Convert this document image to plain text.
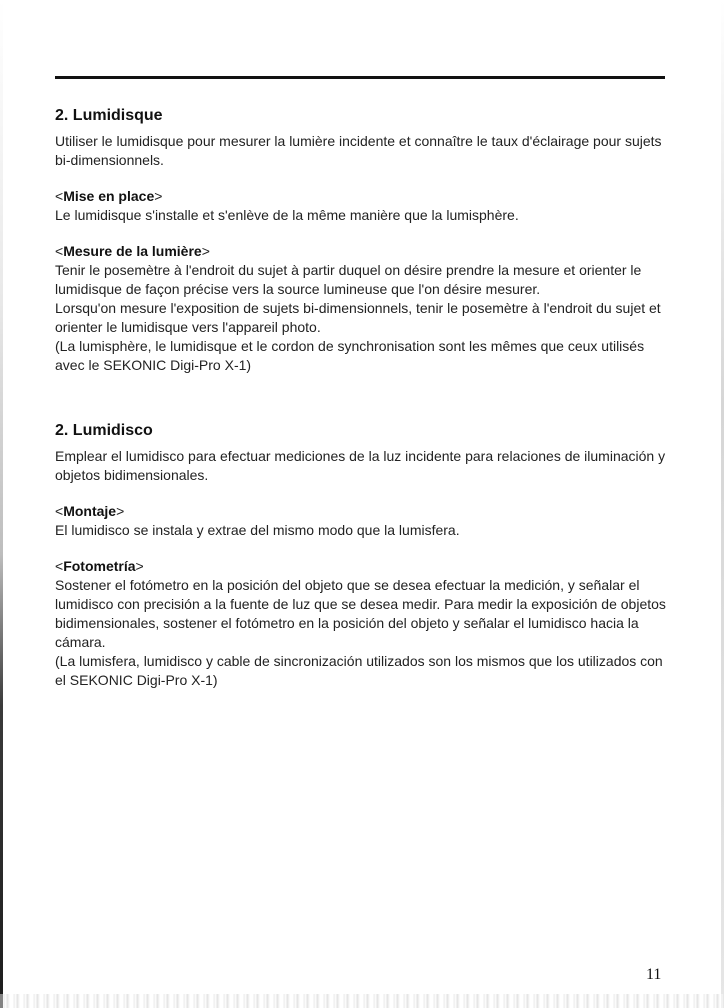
2. Lumidisque

Utiliser le lumidisque pour mesurer la lumière incidente et connaître le taux d'éclairage pour sujets bi-dimensionnels.

<Mise en place>

Le lumidisque s'installe et s'enlève de la même manière que la lumisphère.

<Mesure de la lumière>

Tenir le posemètre à l'endroit du sujet à partir duquel on désire prendre la mesure et orienter le lumidisque de façon précise vers la source lumineuse que l'on désire mesurer.

Lorsqu'on mesure l'exposition de sujets bi-dimensionnels, tenir le posemètre à l'endroit du sujet et orienter le lumidisque vers l'appareil photo.

(La lumisphère, le lumidisque et le cordon de synchronisation sont les mêmes que ceux utilisés avec le SEKONIC Digi-Pro X-1)

2. Lumidisco

Emplear el lumidisco para efectuar mediciones de la luz incidente para relaciones de iluminación y objetos bidimensionales.

<Montaje>

El lumidisco se instala y extrae del mismo modo que la lumisfera.

<Fotometría>

Sostener el fotómetro en la posición del objeto que se desea efectuar la medición, y señalar el lumidisco con precisión a la fuente de luz que se desea medir. Para medir la exposición de objetos bidimensionales, sostener el fotómetro en la posición del objeto y señalar el lumidisco hacia la cámara.

(La lumisfera, lumidisco y cable de sincronización utilizados son los mismos que los utilizados con el SEKONIC Digi-Pro X-1)

11
